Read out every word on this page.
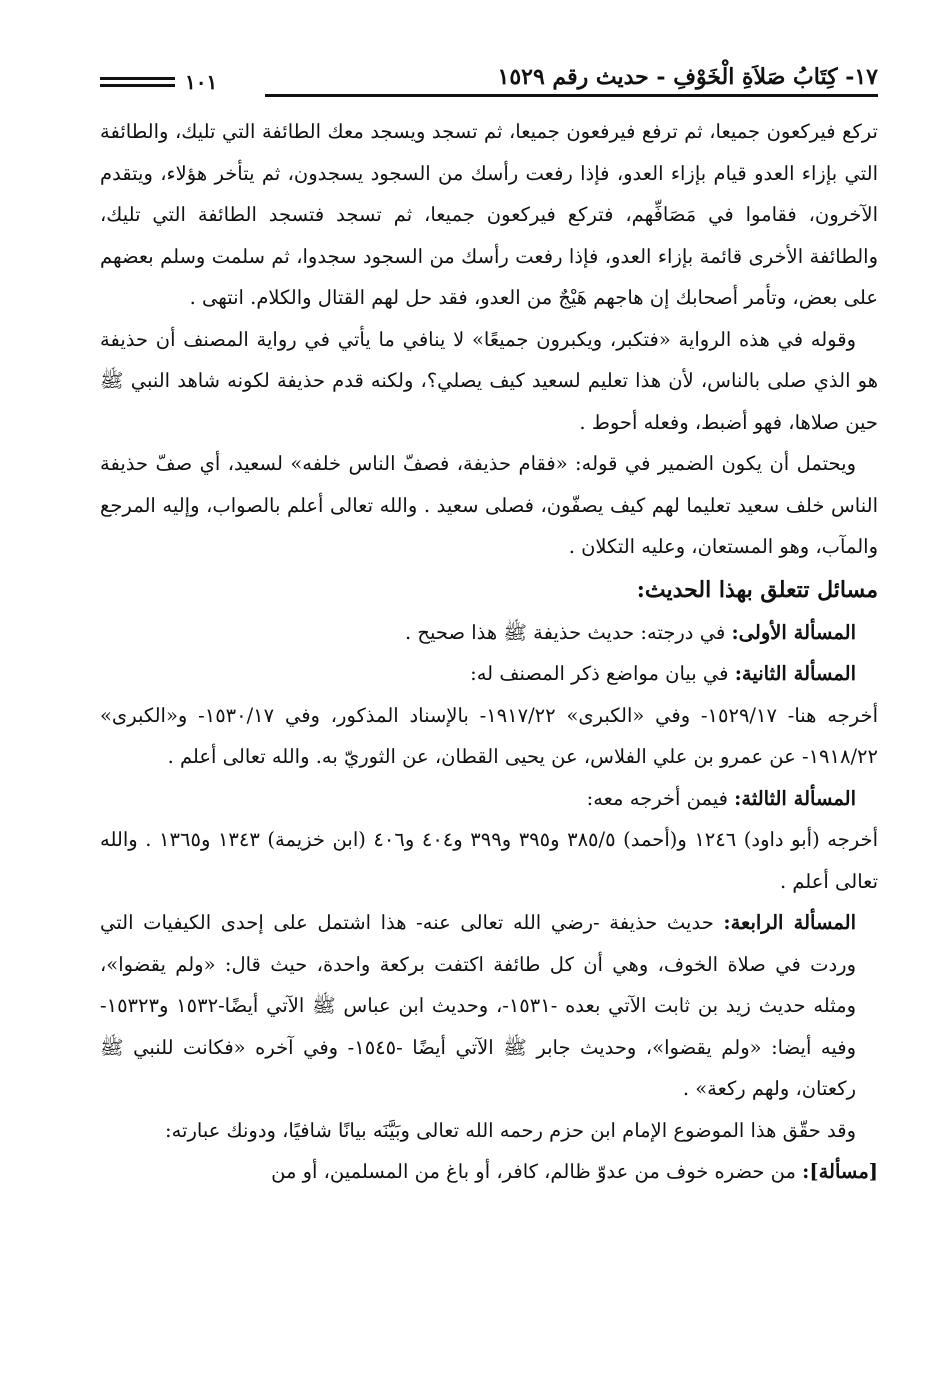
١٧- كِتَابُ صَلاَةِ الْخَوْفِ - حديث رقم ١٥٢٩
١٠١

تركع فيركعون جميعا، ثم ترفع فيرفعون جميعا، ثم تسجد ويسجد معك الطائفة التي تليك، والطائفة التي بإزاء العدو قيام بإزاء العدو، فإذا رفعت رأسك من السجود يسجدون، ثم يتأخر هؤلاء، ويتقدم الآخرون، فقاموا في مَصَافِّهم، فتركع فيركعون جميعا، ثم تسجد فتسجد الطائفة التي تليك، والطائفة الأخرى قائمة بإزاء العدو، فإذا رفعت رأسك من السجود سجدوا، ثم سلمت وسلم بعضهم على بعض، وتأمر أصحابك إن هاجهم هَيْجٌ من العدو، فقد حل لهم القتال والكلام. انتهى .

وقوله في هذه الرواية «فتكبر، ويكبرون جميعًا» لا ينافي ما يأتي في رواية المصنف أن حذيفة هو الذي صلى بالناس، لأن هذا تعليم لسعيد كيف يصلي؟، ولكنه قدم حذيفة لكونه شاهد النبي ﷺ حين صلاها، فهو أضبط، وفعله أحوط .

ويحتمل أن يكون الضمير في قوله: «فقام حذيفة، فصفّ الناس خلفه» لسعيد، أي صفّ حذيفة الناس خلف سعيد تعليما لهم كيف يصفّون، فصلى سعيد . والله تعالى أعلم بالصواب، وإليه المرجع والمآب، وهو المستعان، وعليه التكلان .

مسائل تتعلق بهذا الحديث:

المسألة الأولى: في درجته: حديث حذيفة ﷺ هذا صحيح .

المسألة الثانية: في بيان مواضع ذكر المصنف له:

أخرجه هنا- ١٥٢٩/١٧- وفي «الكبرى» ١٩١٧/٢٢- بالإسناد المذكور، وفي ١٥٣٠/١٧- و«الكبرى» ١٩١٨/٢٢- عن عمرو بن علي الفلاس، عن يحيى القطان، عن الثوريّ به. والله تعالى أعلم .

المسألة الثالثة: فيمن أخرجه معه:

أخرجه (أبو داود) ١٢٤٦ و(أحمد) ٣٨٥/٥ و٣٩٥ و٣٩٩ و٤٠٤ و٤٠٦ (ابن خزيمة) ١٣٤٣ و١٣٦٥ . والله تعالى أعلم .

المسألة الرابعة: حديث حذيفة -رضي الله تعالى عنه- هذا اشتمل على إحدى الكيفيات التي وردت في صلاة الخوف، وهي أن كل طائفة اكتفت بركعة واحدة، حيث قال: «ولم يقضوا»، ومثله حديث زيد بن ثابت الآتي بعده -١٥٣١-، وحديث ابن عباس ﷺ الآتي أيضًا-١٥٣٢ و١٥٣٢٣- وفيه أيضا: «ولم يقضوا»، وحديث جابر ﷺ الآتي أيضًا -١٥٤٥- وفي آخره «فكانت للنبي ﷺ ركعتان، ولهم ركعة» .

وقد حقّق هذا الموضوع الإمام ابن حزم رحمه الله تعالى وبَيَّنَه بيانًا شافيًا، ودونك عبارته:

[مسألة]: من حضره خوف من عدوّ ظالم، كافر، أو باغ من المسلمين، أو من
